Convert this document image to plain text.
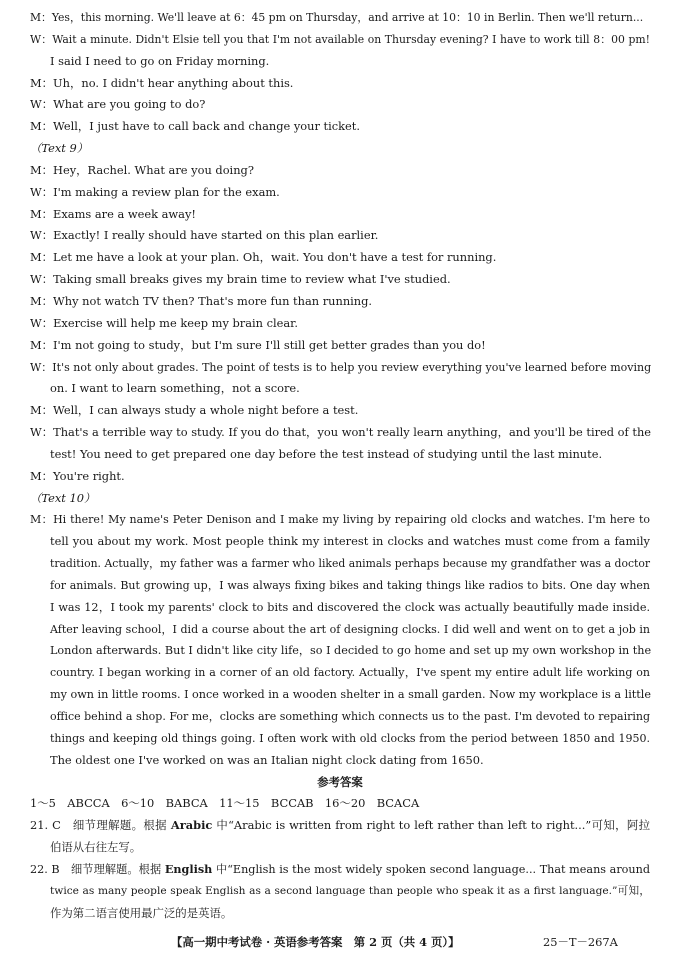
M：Yes，this morning. We'll leave at 6：45 pm on Thursday，and arrive at 10：10 in Berlin. Then we'll return...
W：Wait a minute. Didn't Elsie tell you that I'm not available on Thursday evening? I have to work till 8：00 pm!
I said I need to go on Friday morning.
M：Uh，no. I didn't hear anything about this.
W：What are you going to do?
M：Well，I just have to call back and change your ticket.
（Text 9）
M：Hey，Rachel. What are you doing?
W：I'm making a review plan for the exam.
M：Exams are a week away!
W：Exactly! I really should have started on this plan earlier.
M：Let me have a look at your plan. Oh，wait. You don't have a test for running.
W：Taking small breaks gives my brain time to review what I've studied.
M：Why not watch TV then? That's more fun than running.
W：Exercise will help me keep my brain clear.
M：I'm not going to study，but I'm sure I'll still get better grades than you do!
W：It's not only about grades. The point of tests is to help you review everything you've learned before moving
on. I want to learn something，not a score.
M：Well，I can always study a whole night before a test.
W：That's a terrible way to study. If you do that，you won't really learn anything，and you'll be tired of the
test! You need to get prepared one day before the test instead of studying until the last minute.
M：You're right.
（Text 10）
M：Hi there! My name's Peter Denison and I make my living by repairing old clocks and watches. I'm here to
tell you about my work. Most people think my interest in clocks and watches must come from a family
tradition. Actually，my father was a farmer who liked animals perhaps because my grandfather was a doctor
for animals. But growing up，I was always fixing bikes and taking things like radios to bits. One day when
I was 12，I took my parents' clock to bits and discovered the clock was actually beautifully made inside.
After leaving school，I did a course about the art of designing clocks. I did well and went on to get a job in
London afterwards. But I didn't like city life，so I decided to go home and set up my own workshop in the
country. I began working in a corner of an old factory. Actually，I've spent my entire adult life working on
my own in little rooms. I once worked in a wooden shelter in a small garden. Now my workplace is a little
office behind a shop. For me，clocks are something which connects us to the past. I'm devoted to repairing
things and keeping old things going. I often work with old clocks from the period between 1850 and 1950.
The oldest one I've worked on was an Italian night clock dating from 1650.
参考答案
1～5　ABCCA　6～10　BABCA　11～15　BCCAB　16～20　BCACA
21. C　细节理解题。根据 Arabic 中“Arabic is written from right to left rather than left to right...”可知，阿拉
伯语从右往左写。
22. B　细节理解题。根据 English 中“English is the most widely spoken second language... That means around
twice as many people speak English as a second language than people who speak it as a first language.”可知，
作为第二语言使用最广泛的是英语。
【高一期中考试卷 · 英语参考答案　第 2 页（共 4 页）】	25－T－267A
